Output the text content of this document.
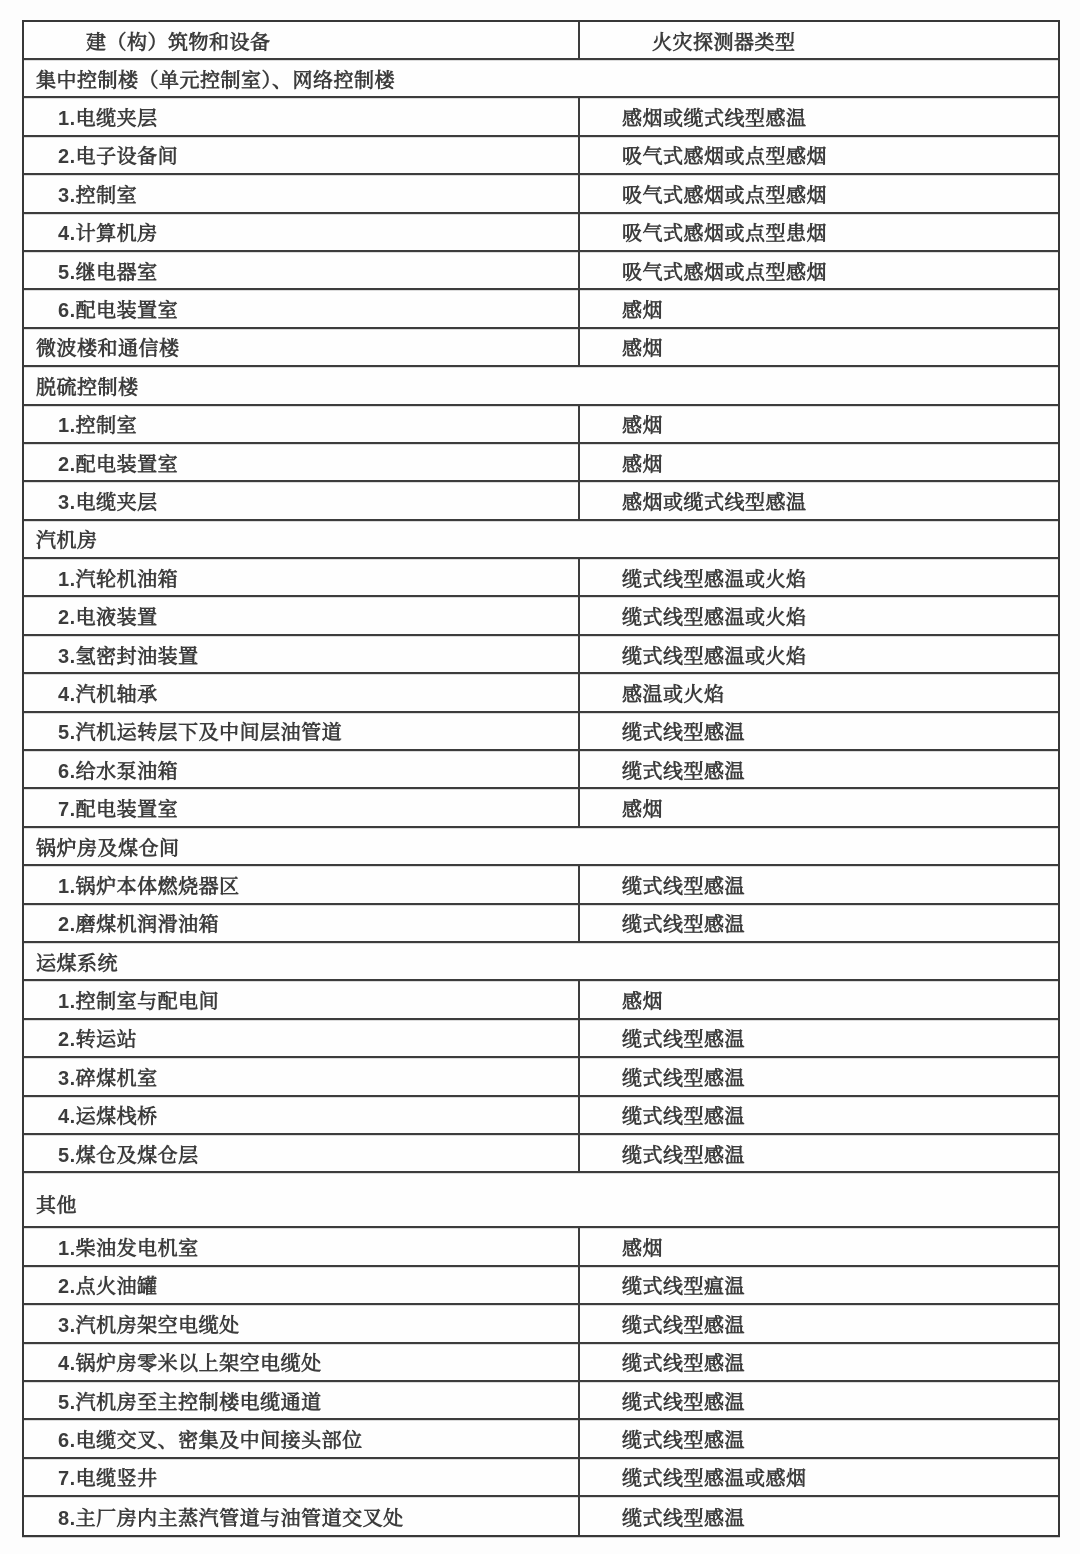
建（构）筑物和设备	火灾探测器类型
集中控制楼（单元控制室）、网络控制楼
1.电缆夹层	感烟或缆式线型感温
2.电子设备间	吸气式感烟或点型感烟
3.控制室	吸气式感烟或点型感烟
4.计算机房	吸气式感烟或点型患烟
5.继电器室	吸气式感烟或点型感烟
6.配电装置室	感烟
微波楼和通信楼	感烟
脱硫控制楼
1.控制室	感烟
2.配电装置室	感烟
3.电缆夹层	感烟或缆式线型感温
汽机房
1.汽轮机油箱	缆式线型感温或火焰
2.电液装置	缆式线型感温或火焰
3.氢密封油装置	缆式线型感温或火焰
4.汽机轴承	感温或火焰
5.汽机运转层下及中间层油管道	缆式线型感温
6.给水泵油箱	缆式线型感温
7.配电装置室	感烟
锅炉房及煤仓间
1.锅炉本体燃烧器区	缆式线型感温
2.磨煤机润滑油箱	缆式线型感温
运煤系统
1.控制室与配电间	感烟
2.转运站	缆式线型感温
3.碎煤机室	缆式线型感温
4.运煤栈桥	缆式线型感温
5.煤仓及煤仓层	缆式线型感温
其他
1.柴油发电机室	感烟
2.点火油罐	缆式线型瘟温
3.汽机房架空电缆处	缆式线型感温
4.锅炉房零米以上架空电缆处	缆式线型感温
5.汽机房至主控制楼电缆通道	缆式线型感温
6.电缆交叉、密集及中间接头部位	缆式线型感温
7.电缆竖井	缆式线型感温或感烟
8.主厂房内主蒸汽管道与油管道交叉处	缆式线型感温
